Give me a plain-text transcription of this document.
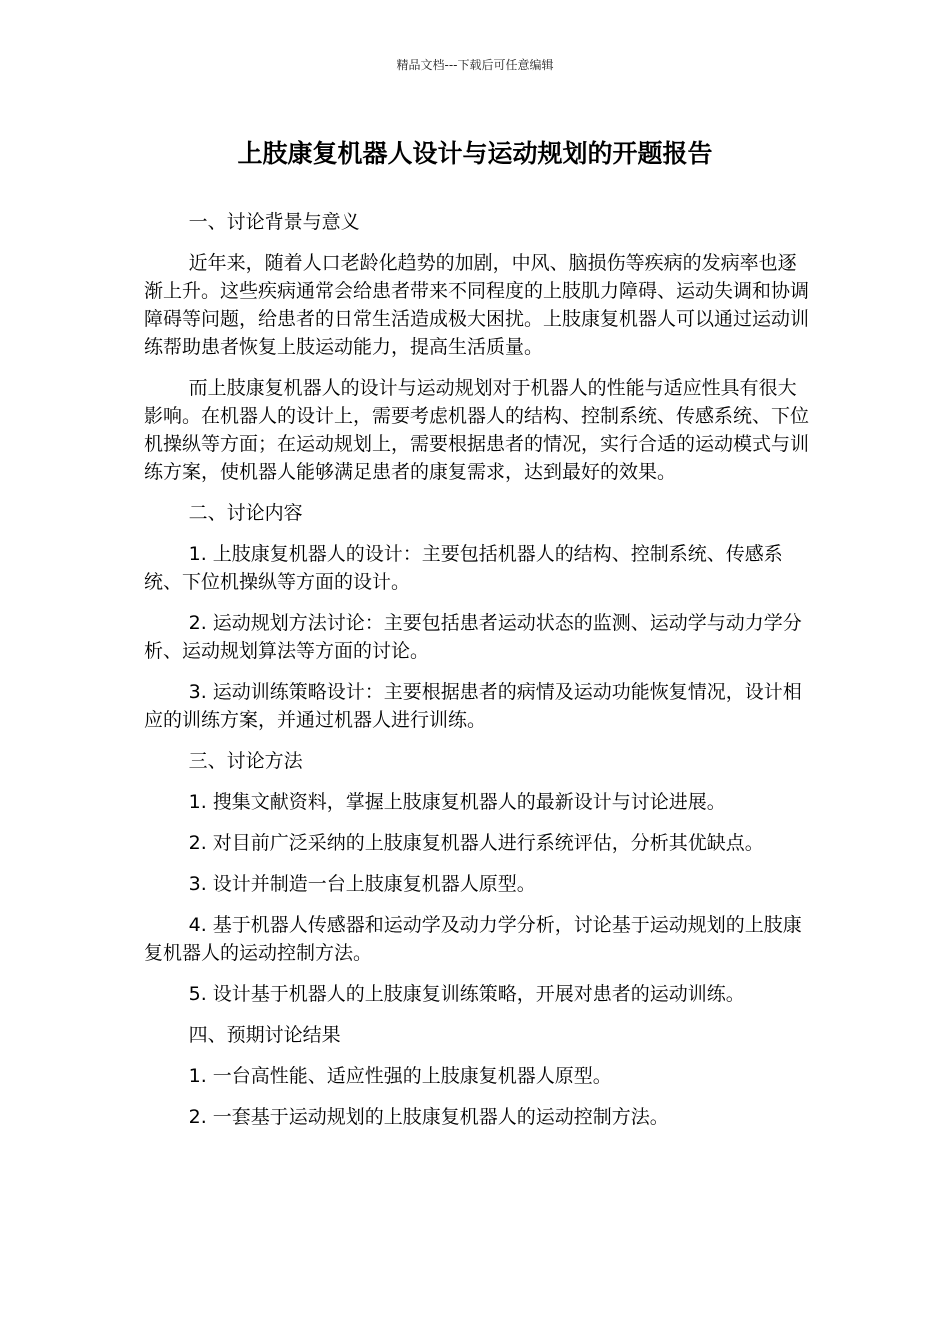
精品文档---下载后可任意编辑
上肢康复机器人设计与运动规划的开题报告

一、讨论背景与意义

近年来，随着人口老龄化趋势的加剧，中风、脑损伤等疾病的发病率也逐渐上升。这些疾病通常会给患者带来不同程度的上肢肌力障碍、运动失调和协调障碍等问题，给患者的日常生活造成极大困扰。上肢康复机器人可以通过运动训练帮助患者恢复上肢运动能力，提高生活质量。

而上肢康复机器人的设计与运动规划对于机器人的性能与适应性具有很大影响。在机器人的设计上，需要考虑机器人的结构、控制系统、传感系统、下位机操纵等方面；在运动规划上，需要根据患者的情况，实行合适的运动模式与训练方案，使机器人能够满足患者的康复需求，达到最好的效果。

二、讨论内容

1. 上肢康复机器人的设计：主要包括机器人的结构、控制系统、传感系统、下位机操纵等方面的设计。

2. 运动规划方法讨论：主要包括患者运动状态的监测、运动学与动力学分析、运动规划算法等方面的讨论。

3. 运动训练策略设计：主要根据患者的病情及运动功能恢复情况，设计相应的训练方案，并通过机器人进行训练。

三、讨论方法

1. 搜集文献资料，掌握上肢康复机器人的最新设计与讨论进展。

2. 对目前广泛采纳的上肢康复机器人进行系统评估，分析其优缺点。

3. 设计并制造一台上肢康复机器人原型。

4. 基于机器人传感器和运动学及动力学分析，讨论基于运动规划的上肢康复机器人的运动控制方法。

5. 设计基于机器人的上肢康复训练策略，开展对患者的运动训练。

四、预期讨论结果

1. 一台高性能、适应性强的上肢康复机器人原型。

2. 一套基于运动规划的上肢康复机器人的运动控制方法。
